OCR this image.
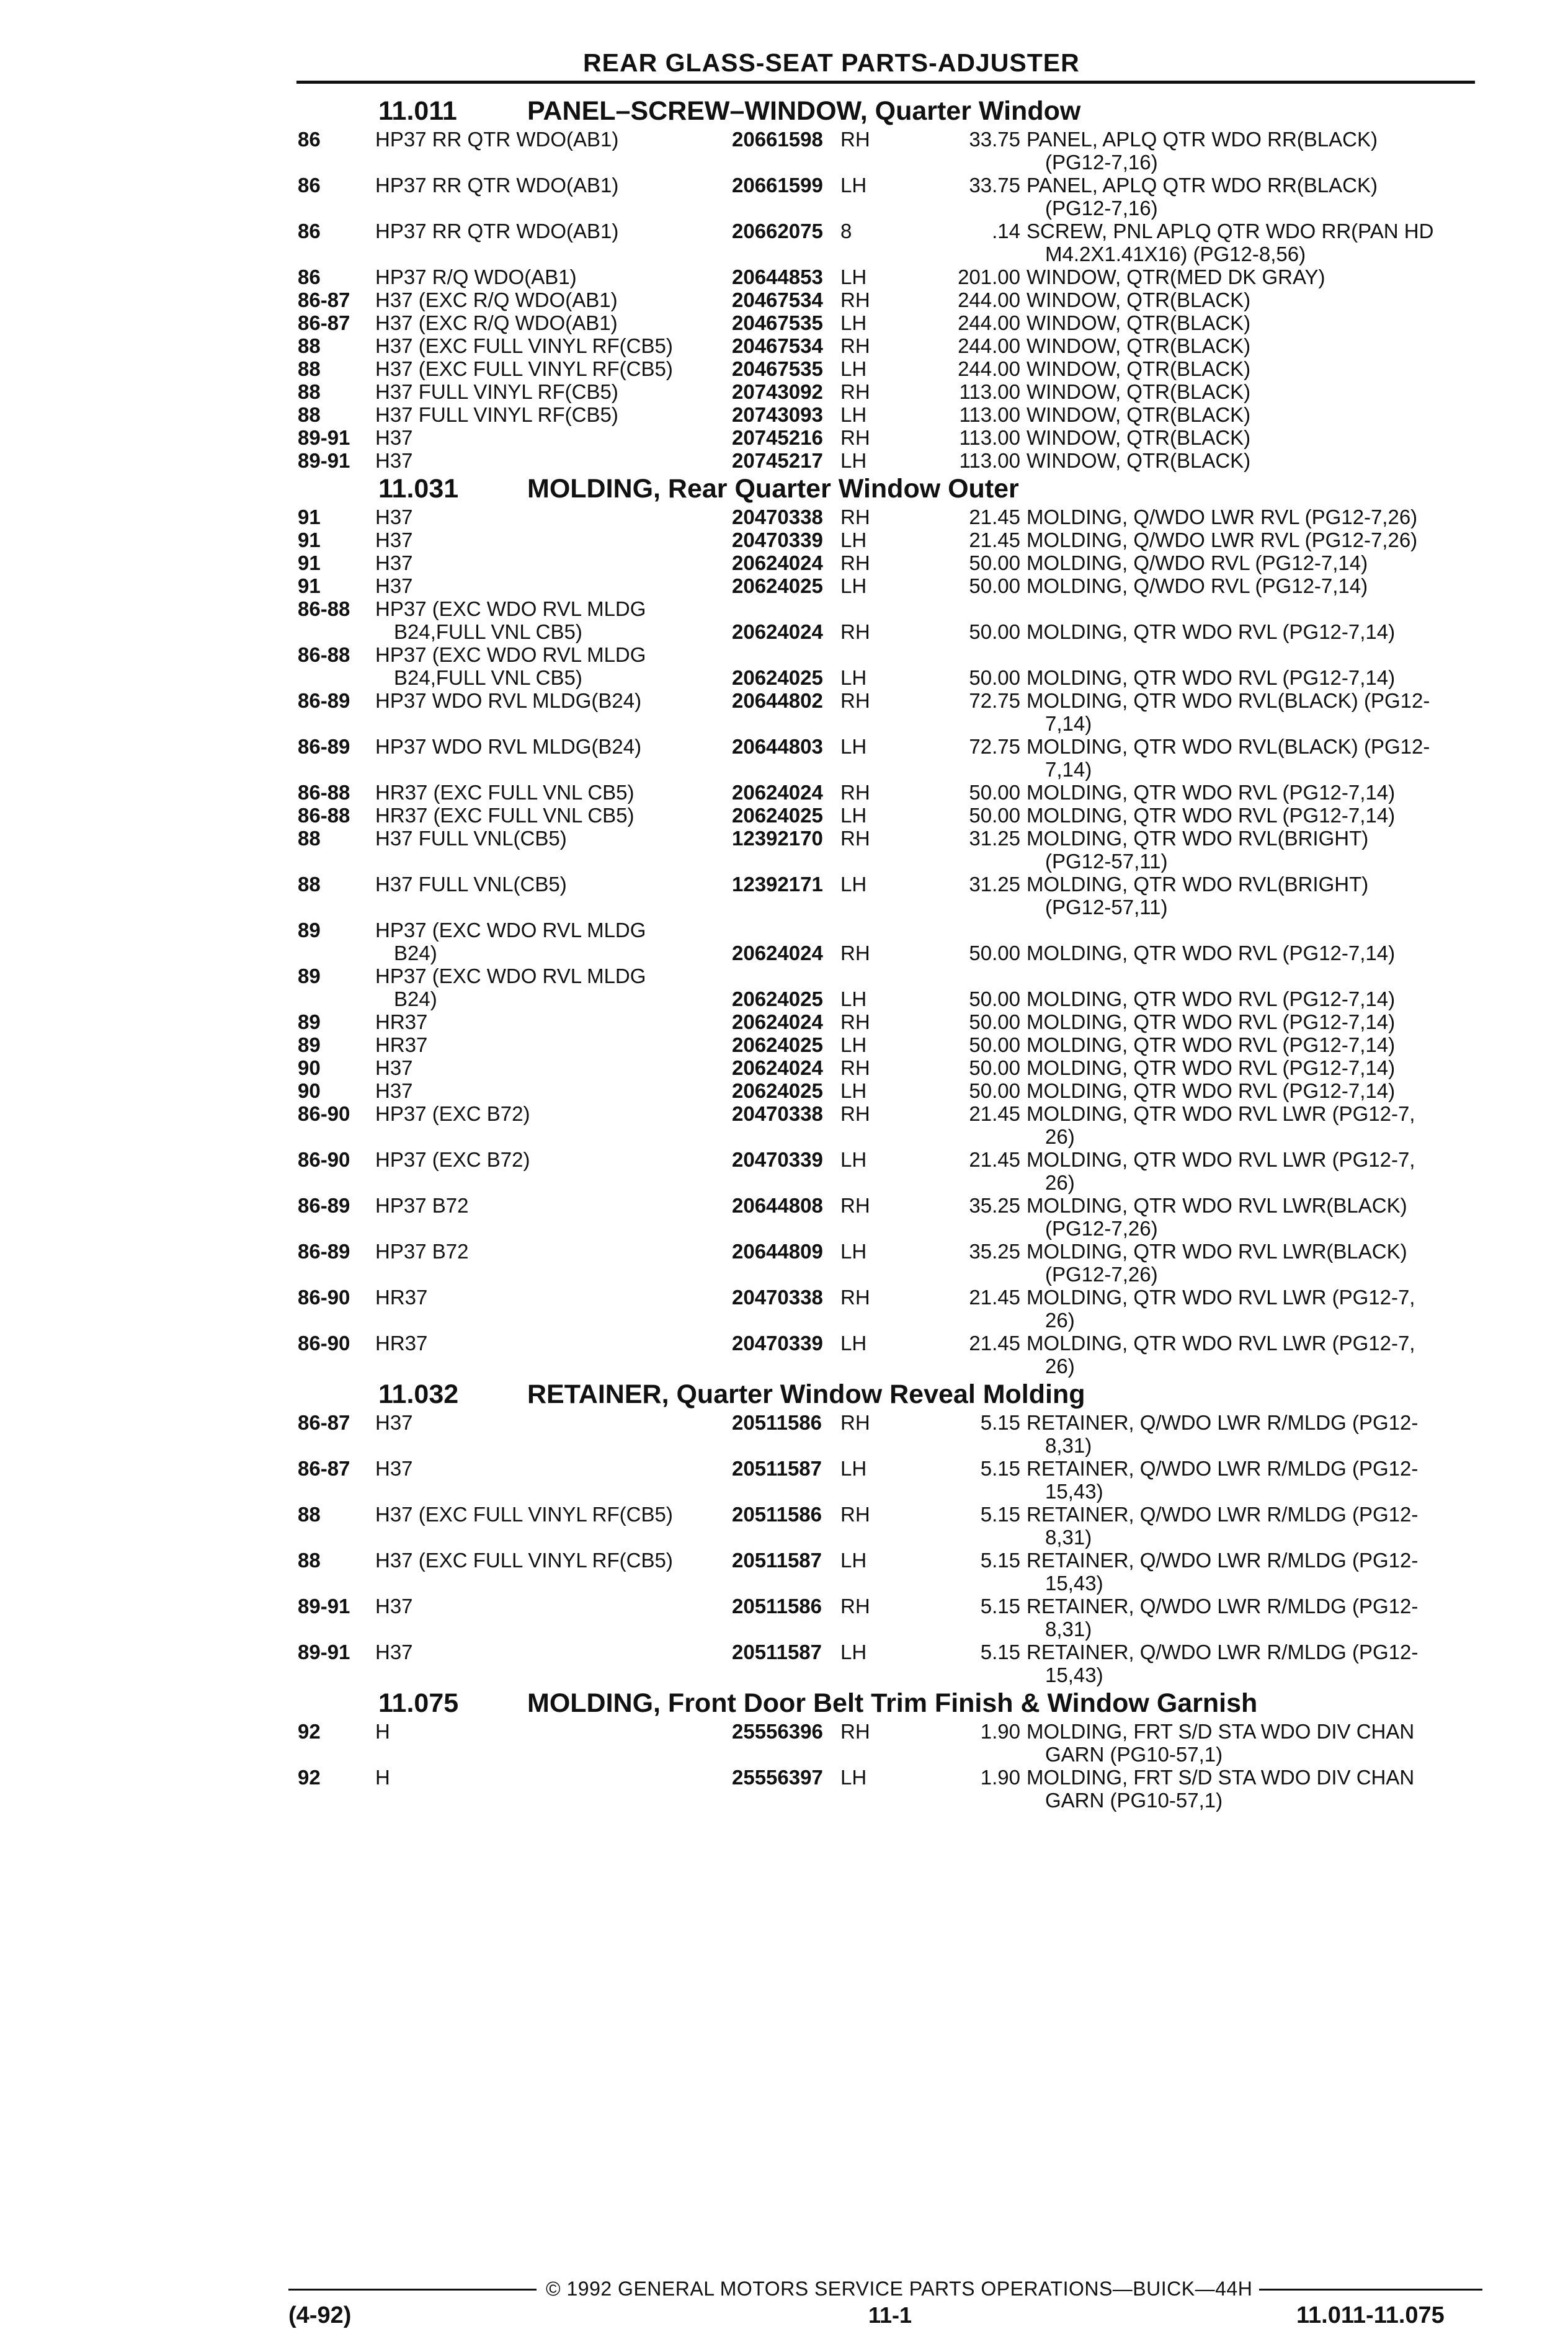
REAR GLASS-SEAT PARTS-ADJUSTER
11.011	PANEL–SCREW–WINDOW, Quarter Window
86	HP37 RR QTR WDO(AB1)	20661598 RH	33.75 PANEL, APLQ QTR WDO RR(BLACK)
(PG12-7,16)
86	HP37 RR QTR WDO(AB1)	20661599 LH	33.75 PANEL, APLQ QTR WDO RR(BLACK)
(PG12-7,16)
86	HP37 RR QTR WDO(AB1)	20662075 8	.14 SCREW, PNL APLQ QTR WDO RR(PAN HD
M4.2X1.41X16) (PG12-8,56)
86	HP37 R/Q WDO(AB1)	20644853 LH	201.00 WINDOW, QTR(MED DK GRAY)
86-87	H37 (EXC R/Q WDO(AB1)	20467534 RH	244.00 WINDOW, QTR(BLACK)
86-87	H37 (EXC R/Q WDO(AB1)	20467535 LH	244.00 WINDOW, QTR(BLACK)
88	H37 (EXC FULL VINYL RF(CB5)	20467534 RH	244.00 WINDOW, QTR(BLACK)
88	H37 (EXC FULL VINYL RF(CB5)	20467535 LH	244.00 WINDOW, QTR(BLACK)
88	H37 FULL VINYL RF(CB5)	20743092 RH	113.00 WINDOW, QTR(BLACK)
88	H37 FULL VINYL RF(CB5)	20743093 LH	113.00 WINDOW, QTR(BLACK)
89-91	H37	20745216 RH	113.00 WINDOW, QTR(BLACK)
89-91	H37	20745217 LH	113.00 WINDOW, QTR(BLACK)
11.031	MOLDING, Rear Quarter Window Outer
91	H37	20470338 RH	21.45 MOLDING, Q/WDO LWR RVL (PG12-7,26)
91	H37	20470339 LH	21.45 MOLDING, Q/WDO LWR RVL (PG12-7,26)
91	H37	20624024 RH	50.00 MOLDING, Q/WDO RVL (PG12-7,14)
91	H37	20624025 LH	50.00 MOLDING, Q/WDO RVL (PG12-7,14)
86-88	HP37 (EXC WDO RVL MLDG
B24,FULL VNL CB5)	20624024 RH	50.00 MOLDING, QTR WDO RVL (PG12-7,14)
86-88	HP37 (EXC WDO RVL MLDG
B24,FULL VNL CB5)	20624025 LH	50.00 MOLDING, QTR WDO RVL (PG12-7,14)
86-89	HP37 WDO RVL MLDG(B24)	20644802 RH	72.75 MOLDING, QTR WDO RVL(BLACK) (PG12-
7,14)
86-89	HP37 WDO RVL MLDG(B24)	20644803 LH	72.75 MOLDING, QTR WDO RVL(BLACK) (PG12-
7,14)
86-88	HR37 (EXC FULL VNL CB5)	20624024 RH	50.00 MOLDING, QTR WDO RVL (PG12-7,14)
86-88	HR37 (EXC FULL VNL CB5)	20624025 LH	50.00 MOLDING, QTR WDO RVL (PG12-7,14)
88	H37 FULL VNL(CB5)	12392170 RH	31.25 MOLDING, QTR WDO RVL(BRIGHT)
(PG12-57,11)
88	H37 FULL VNL(CB5)	12392171 LH	31.25 MOLDING, QTR WDO RVL(BRIGHT)
(PG12-57,11)
89	HP37 (EXC WDO RVL MLDG
B24)	20624024 RH	50.00 MOLDING, QTR WDO RVL (PG12-7,14)
89	HP37 (EXC WDO RVL MLDG
B24)	20624025 LH	50.00 MOLDING, QTR WDO RVL (PG12-7,14)
89	HR37	20624024 RH	50.00 MOLDING, QTR WDO RVL (PG12-7,14)
89	HR37	20624025 LH	50.00 MOLDING, QTR WDO RVL (PG12-7,14)
90	H37	20624024 RH	50.00 MOLDING, QTR WDO RVL (PG12-7,14)
90	H37	20624025 LH	50.00 MOLDING, QTR WDO RVL (PG12-7,14)
86-90	HP37 (EXC B72)	20470338 RH	21.45 MOLDING, QTR WDO RVL LWR (PG12-7,
26)
86-90	HP37 (EXC B72)	20470339 LH	21.45 MOLDING, QTR WDO RVL LWR (PG12-7,
26)
86-89	HP37 B72	20644808 RH	35.25 MOLDING, QTR WDO RVL LWR(BLACK)
(PG12-7,26)
86-89	HP37 B72	20644809 LH	35.25 MOLDING, QTR WDO RVL LWR(BLACK)
(PG12-7,26)
86-90	HR37	20470338 RH	21.45 MOLDING, QTR WDO RVL LWR (PG12-7,
26)
86-90	HR37	20470339 LH	21.45 MOLDING, QTR WDO RVL LWR (PG12-7,
26)
11.032	RETAINER, Quarter Window Reveal Molding
86-87	H37	20511586 RH	5.15 RETAINER, Q/WDO LWR R/MLDG (PG12-
8,31)
86-87	H37	20511587 LH	5.15 RETAINER, Q/WDO LWR R/MLDG (PG12-
15,43)
88	H37 (EXC FULL VINYL RF(CB5)	20511586 RH	5.15 RETAINER, Q/WDO LWR R/MLDG (PG12-
8,31)
88	H37 (EXC FULL VINYL RF(CB5)	20511587 LH	5.15 RETAINER, Q/WDO LWR R/MLDG (PG12-
15,43)
89-91	H37	20511586 RH	5.15 RETAINER, Q/WDO LWR R/MLDG (PG12-
8,31)
89-91	H37	20511587 LH	5.15 RETAINER, Q/WDO LWR R/MLDG (PG12-
15,43)
11.075	MOLDING, Front Door Belt Trim Finish & Window Garnish
92	H	25556396 RH	1.90 MOLDING, FRT S/D STA WDO DIV CHAN
GARN (PG10-57,1)
92	H	25556397 LH	1.90 MOLDING, FRT S/D STA WDO DIV CHAN
GARN (PG10-57,1)
© 1992 GENERAL MOTORS SERVICE PARTS OPERATIONS—BUICK—44H
(4-92)	11-1	11.011-11.075
